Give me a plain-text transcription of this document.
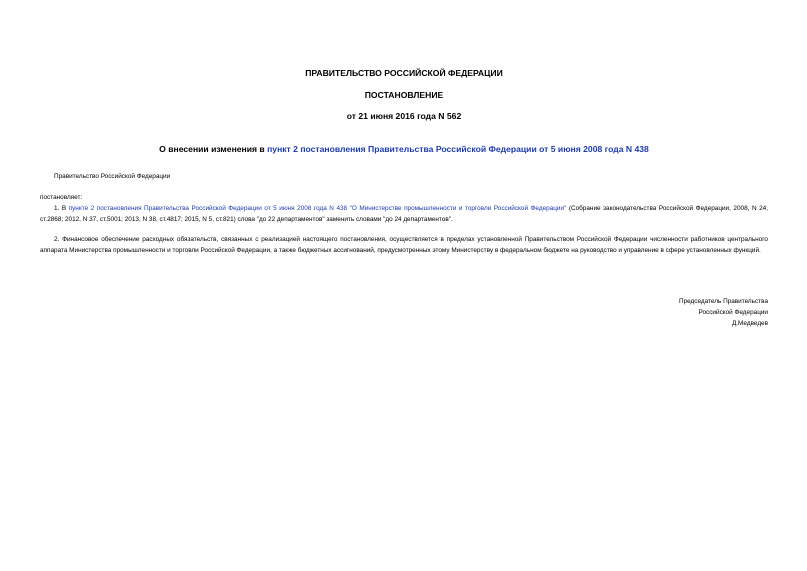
ПРАВИТЕЛЬСТВО РОССИЙСКОЙ ФЕДЕРАЦИИ
ПОСТАНОВЛЕНИЕ
от 21 июня 2016 года N 562
О внесении изменения в пункт 2 постановления Правительства Российской Федерации от 5 июня 2008 года N 438
Правительство Российской Федерации
постановляет:
1. В пункте 2 постановления Правительства Российской Федерации от 5 июня 2008 года N 438 "О Министерстве промышленности и торговли Российской Федерации" (Собрание законодательства Российской Федерации, 2008, N 24, ст.2868; 2012, N 37, ст.5001; 2013, N 38, ст.4817; 2015, N 5, ст.821) слова "до 22 департаментов" заменить словами "до 24 департаментов".
2. Финансовое обеспечение расходных обязательств, связанных с реализацией настоящего постановления, осуществляется в пределах установленной Правительством Российской Федерации численности работников центрального аппарата Министерства промышленности и торговли Российской Федерации, а также бюджетных ассигнований, предусмотренных этому Министерству в федеральном бюджете на руководство и управление в сфере установленных функций.
Председатель Правительства
Российской Федерации
Д.Медведев
